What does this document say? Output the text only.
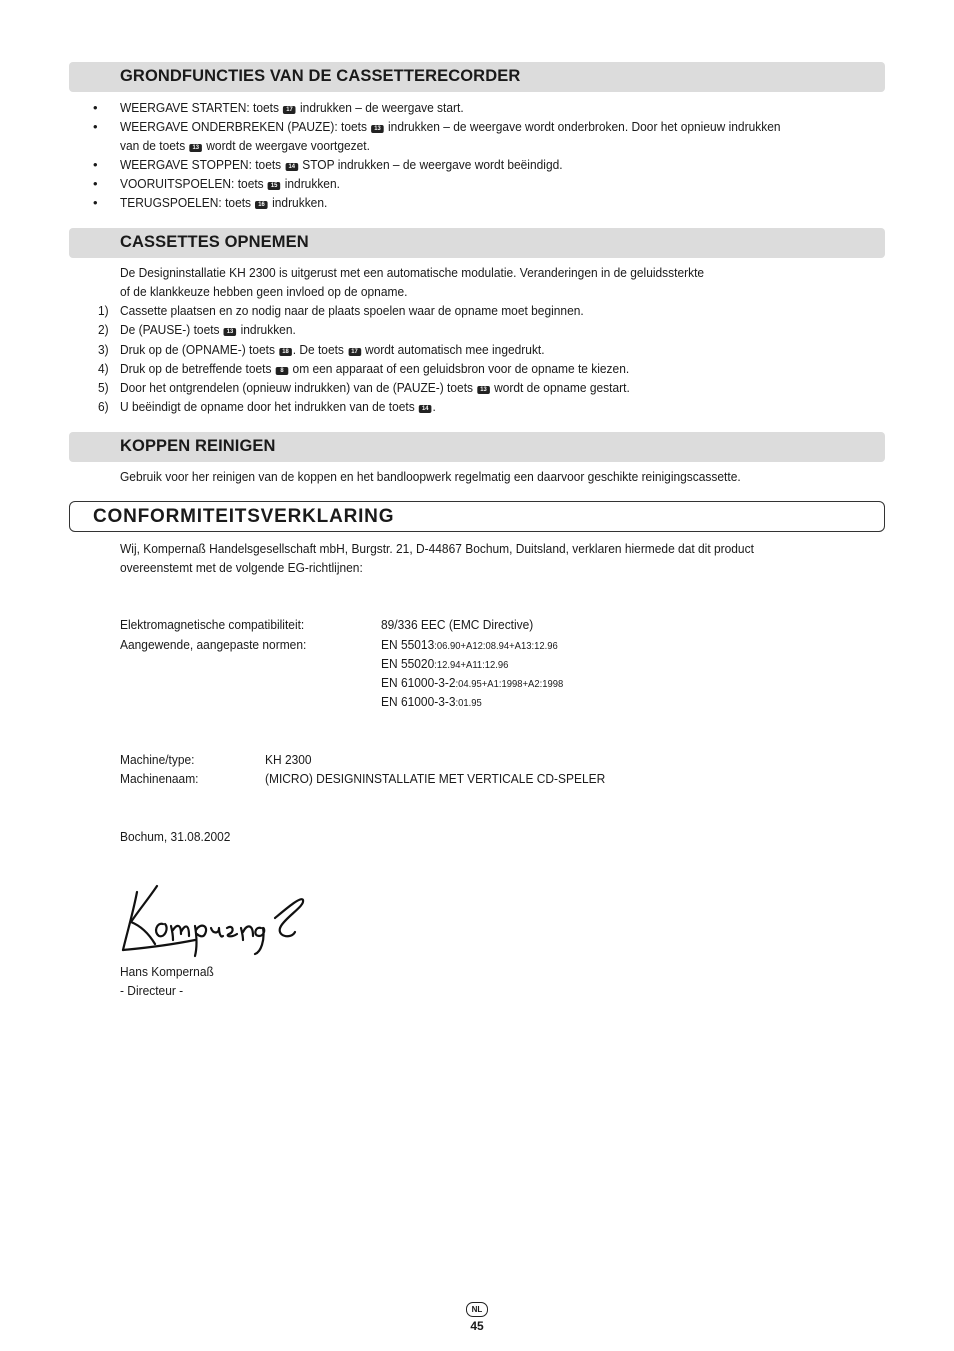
GRONDFUNCTIES VAN DE CASSETTERECORDER
• WEERGAVE STARTEN: toets 17 indrukken – de weergave start.
• WEERGAVE ONDERBREKEN (PAUZE): toets 13 indrukken – de weergave wordt onderbroken. Door het opnieuw indrukken
van de toets 13 wordt de weergave voortgezet.
• WEERGAVE STOPPEN: toets 14 STOP indrukken – de weergave wordt beëindigd.
• VOORUITSPOELEN: toets 15 indrukken.
• TERUGSPOELEN: toets 16 indrukken.
CASSETTES OPNEMEN
De Designinstallatie KH 2300 is uitgerust met een automatische modulatie. Veranderingen in de geluidssterkte
of de klankkeuze hebben geen invloed op de opname.
1) Cassette plaatsen en zo nodig naar de plaats spoelen waar de opname moet beginnen.
2) De (PAUSE-) toets 13 indrukken.
3) Druk op de (OPNAME-) toets 18 . De toets 17 wordt automatisch mee ingedrukt.
4) Druk op de betreffende toets 8 om een apparaat of een geluidsbron voor de opname te kiezen.
5) Door het ontgrendelen (opnieuw indrukken) van de (PAUZE-) toets 13 wordt de opname gestart.
6) U beëindigt de opname door het indrukken van de toets 14 .
KOPPEN REINIGEN
Gebruik voor her reinigen van de koppen en het bandloopwerk regelmatig een daarvoor geschikte reinigingscassette.
CONFORMITEITSVERKLARING
Wij, Kompernaß Handelsgesellschaft mbH, Burgstr. 21, D-44867 Bochum, Duitsland, verklaren hiermede dat dit product
overeenstemt met de volgende EG-richtlijnen:
Elektromagnetische compatibiliteit:	89/336 EEC (EMC Directive)
Aangewende, aangepaste normen:	EN 55013:06.90+A12:08.94+A13:12.96
EN 55020:12.94+A11:12.96
EN 61000-3-2:04.95+A1:1998+A2:1998
EN 61000-3-3:01.95
Machine/type:	KH 2300
Machinenaam:	(MICRO) DESIGNINSTALLATIE MET VERTICALE CD-SPELER
Bochum, 31.08.2002
Hans Kompernaß
- Directeur -
NL
45
